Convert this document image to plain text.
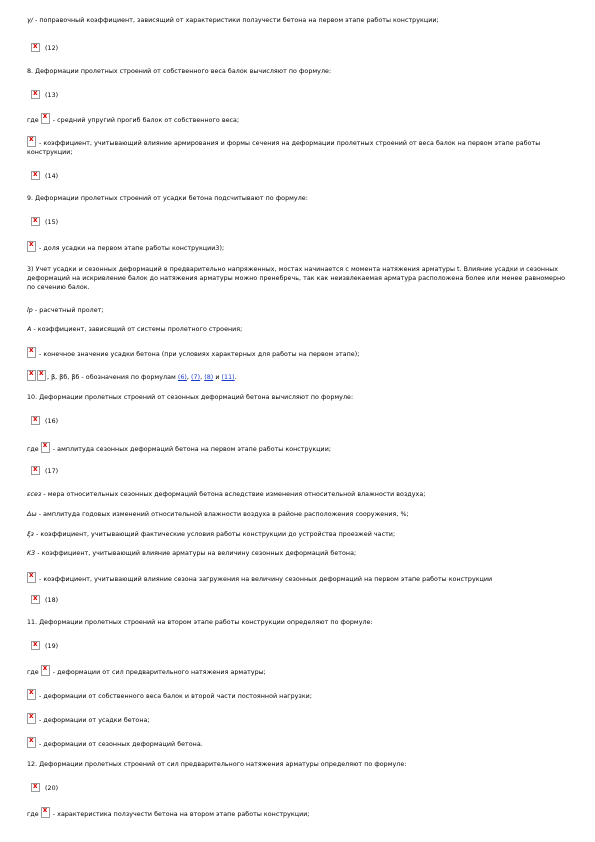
γ/ - поправочный коэффициент, зависящий от характеристики ползучести бетона на первом этапе работы конструкции;
x(12)
8. Деформации пролетных строений от собственного веса балок вычисляют по формуле:
x(13)
где x - средний упругий прогиб балок от собственного веса;
x - коэффициент, учитывающий влияние армирования и формы сечения на деформации пролетных строений от веса балок на первом этапе работы конструкции;
x(14)
9. Деформации пролетных строений от усадки бетона подсчитывают по формуле:
x(15)
x - доля усадки на первом этапе работы конструкции3);
3) Учет усадки и сезонных деформаций в предварительно напряженных, мостах начинается с момента натяжения арматуры t. Влияние усадки и сезонных деформаций на искривление балок до натяжения арматуры можно пренебречь, так как неизвлекаемая арматура расположена более или менее равномерно по сечению балок.
lр - расчетный пролет;
A - коэффициент, зависящий от системы пролетного строения;
x - конечное значение усадки бетона (при условиях характерных для работы на первом этапе);
xx, β, βб, βб - обозначения по формулам (6), (7), (8) и (11).
10. Деформации пролетных строений от сезонных деформаций бетона вычисляют по формуле:
x(16)
где x - амплитуда сезонных деформаций бетона на первом этапе работы конструкции;
x(17)
εсез - мера относительных сезонных деформаций бетона вследствие изменения относительной влажности воздуха;
Δω - амплитуда годовых изменений относительной влажности воздуха в районе расположения сооружения, %;
ξз - коэффициент, учитывающий фактические условия работы конструкции до устройства проезжей части;
K3 - коэффициент, учитывающий влияние арматуры на величину сезонных деформаций бетона;
x - коэффициент, учитывающий влияние сезона загружения на величину сезонных деформаций на первом этапе работы конструкции
x(18)
11. Деформации пролетных строений на втором этапе работы конструкции определяют по формуле:
x(19)
где x - деформации от сил предварительного натяжения арматуры;
x - деформации от собственного веса балок и второй части постоянной нагрузки;
x - деформации от усадки бетона;
x - деформации от сезонных деформаций бетона.
12. Деформации пролетных строений от сил предварительного натяжения арматуры определяют по формуле:
x(20)
где x - характеристика ползучести бетона на втором этапе работы конструкции;
